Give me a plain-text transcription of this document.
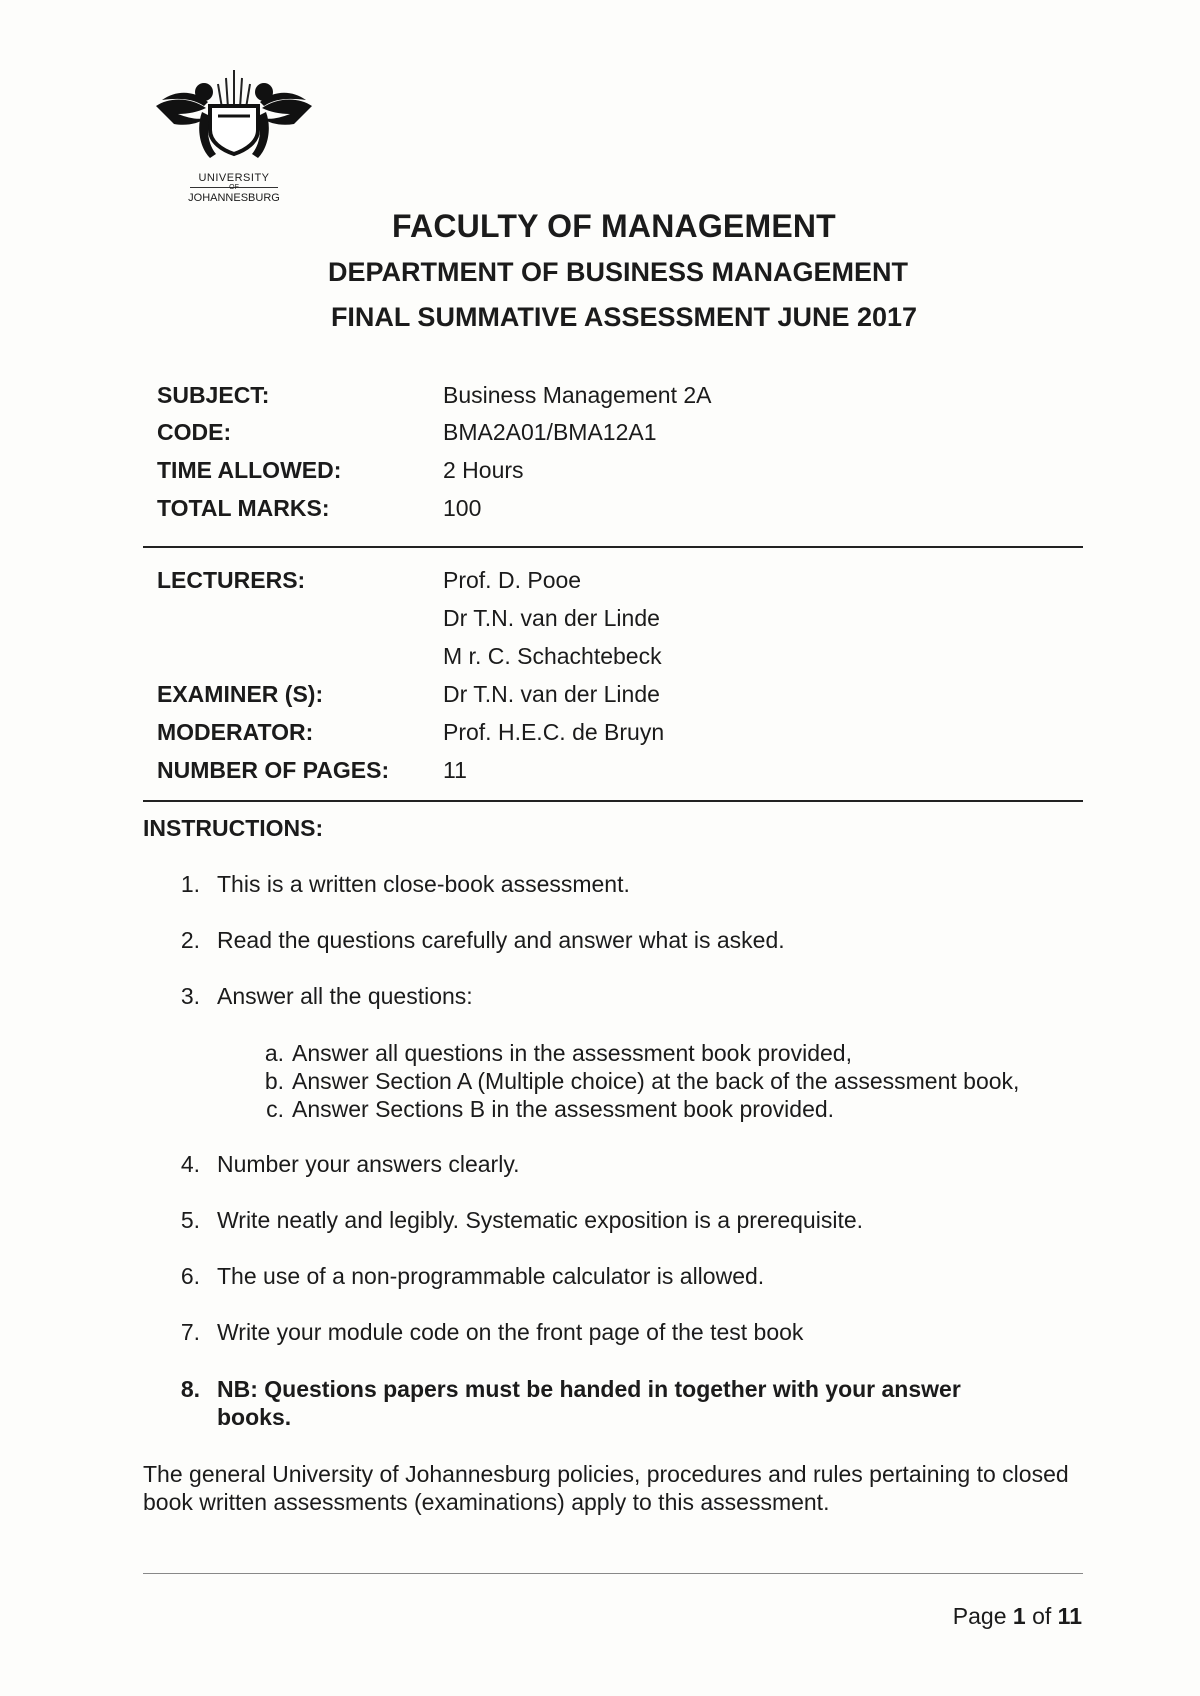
UNIVERSITY
OF
JOHANNESBURG
FACULTY OF MANAGEMENT
DEPARTMENT OF BUSINESS MANAGEMENT
FINAL SUMMATIVE ASSESSMENT JUNE 2017
SUBJECT:	Business Management 2A
CODE:	BMA2A01/BMA12A1
TIME ALLOWED:	2 Hours
TOTAL MARKS:	100
LECTURERS:	Prof. D. Pooe
Dr T.N. van der Linde
M r. C. Schachtebeck
EXAMINER (S):	Dr T.N. van der Linde
MODERATOR:	Prof. H.E.C. de Bruyn
NUMBER OF PAGES: 11
INSTRUCTIONS:
1. This is a written close-book assessment.
2. Read the questions carefully and answer what is asked.
3. Answer all the questions:
a. Answer all questions in the assessment book provided,
b. Answer Section A (Multiple choice) at the back of the assessment book,
c. Answer Sections B in the assessment book provided.
4. Number your answers clearly.
5. Write neatly and legibly. Systematic exposition is a prerequisite.
6. The use of a non-programmable calculator is allowed.
7. Write your module code on the front page of the test book
8. NB: Questions papers must be handed in together with your answer
books.
The general University of Johannesburg policies, procedures and rules pertaining to closed book written assessments (examinations) apply to this assessment.
Page 1 of 11
